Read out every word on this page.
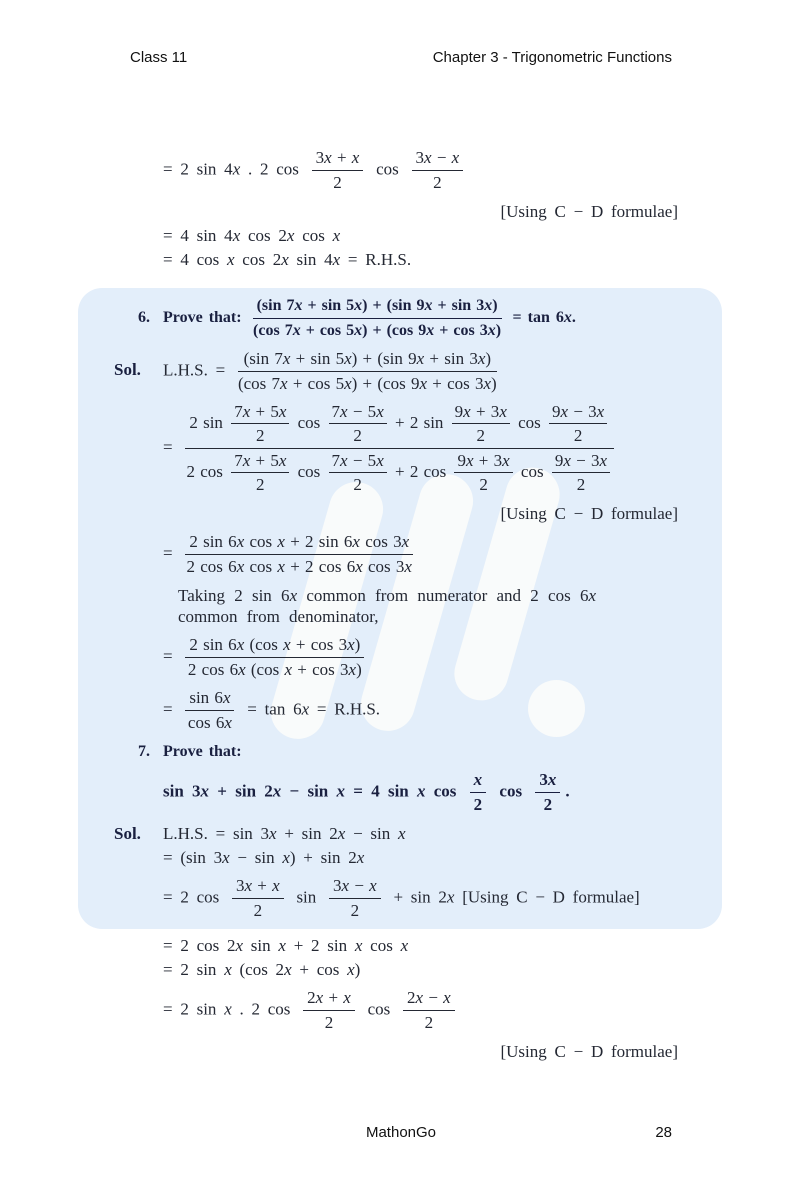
Class 11	Chapter 3 - Trigonometric Functions
= 2 sin 4x . 2 $\cos \frac{3x + x}{2}$ $\cos \frac{3x - x}{2}$
[Using C − D formulae]
= 4 sin 4x cos 2x cos x
= 4 cos x cos 2x sin 4x = R.H.S.
6. Prove that: $\frac{(\sin 7x + \sin 5x) + (\sin 9x + \sin 3x)}{(\cos 7x + \cos 5x) + (\cos 9x + \cos 3x)} = \tan 6x$.
Sol. L.H.S. = $\frac{(\sin 7x + \sin 5x) + (\sin 9x + \sin 3x)}{(\cos 7x + \cos 5x) + (\cos 9x + \cos 3x)}$
= $\frac{2 \sin \frac{7x + 5x}{2} \cos \frac{7x - 5x}{2} + 2 \sin \frac{9x + 3x}{2} \cos \frac{9x - 3x}{2}}{2 \cos \frac{7x + 5x}{2} \cos \frac{7x - 5x}{2} + 2 \cos \frac{9x + 3x}{2} \cos \frac{9x - 3x}{2}}$
[Using C − D formulae]
= $\frac{\text{2 sin 6x cos x + 2 sin 6x cos 3x}}{\text{2 cos 6x cos x + 2 cos 6x cos 3x}}$
Taking 2 sin 6x common from numerator and 2 cos 6x
common from denominator,
= $\frac{\text{2 sin 6x (cos x + cos 3x)}}{\text{2 cos 6x (cos x + cos 3x)}}$
= $\frac{\sin 6x}{\cos 6x} = \tan 6x = R.H.S$.
7. Prove that:
sin 3x + sin 2x − sin x = 4 sin x $\cos \frac{x}{2}$ $\cos \frac{3x}{2}$ .
Sol. L.H.S. = sin 3x + sin 2x − sin x
= (sin 3x − sin x) + sin 2x
= 2 $\cos \frac{3x + x}{2}$ $\sin \frac{3x - x}{2} + \sin 2x$ [Using C − D formulae]
= 2 cos 2x sin x + 2 sin x cos x
= 2 sin x (cos 2x + cos x)
= 2 sin x . 2 $\cos \frac{2x + x}{2}$ $\cos \frac{2x - x}{2}$
[Using C − D formulae]
MathonGo	28
